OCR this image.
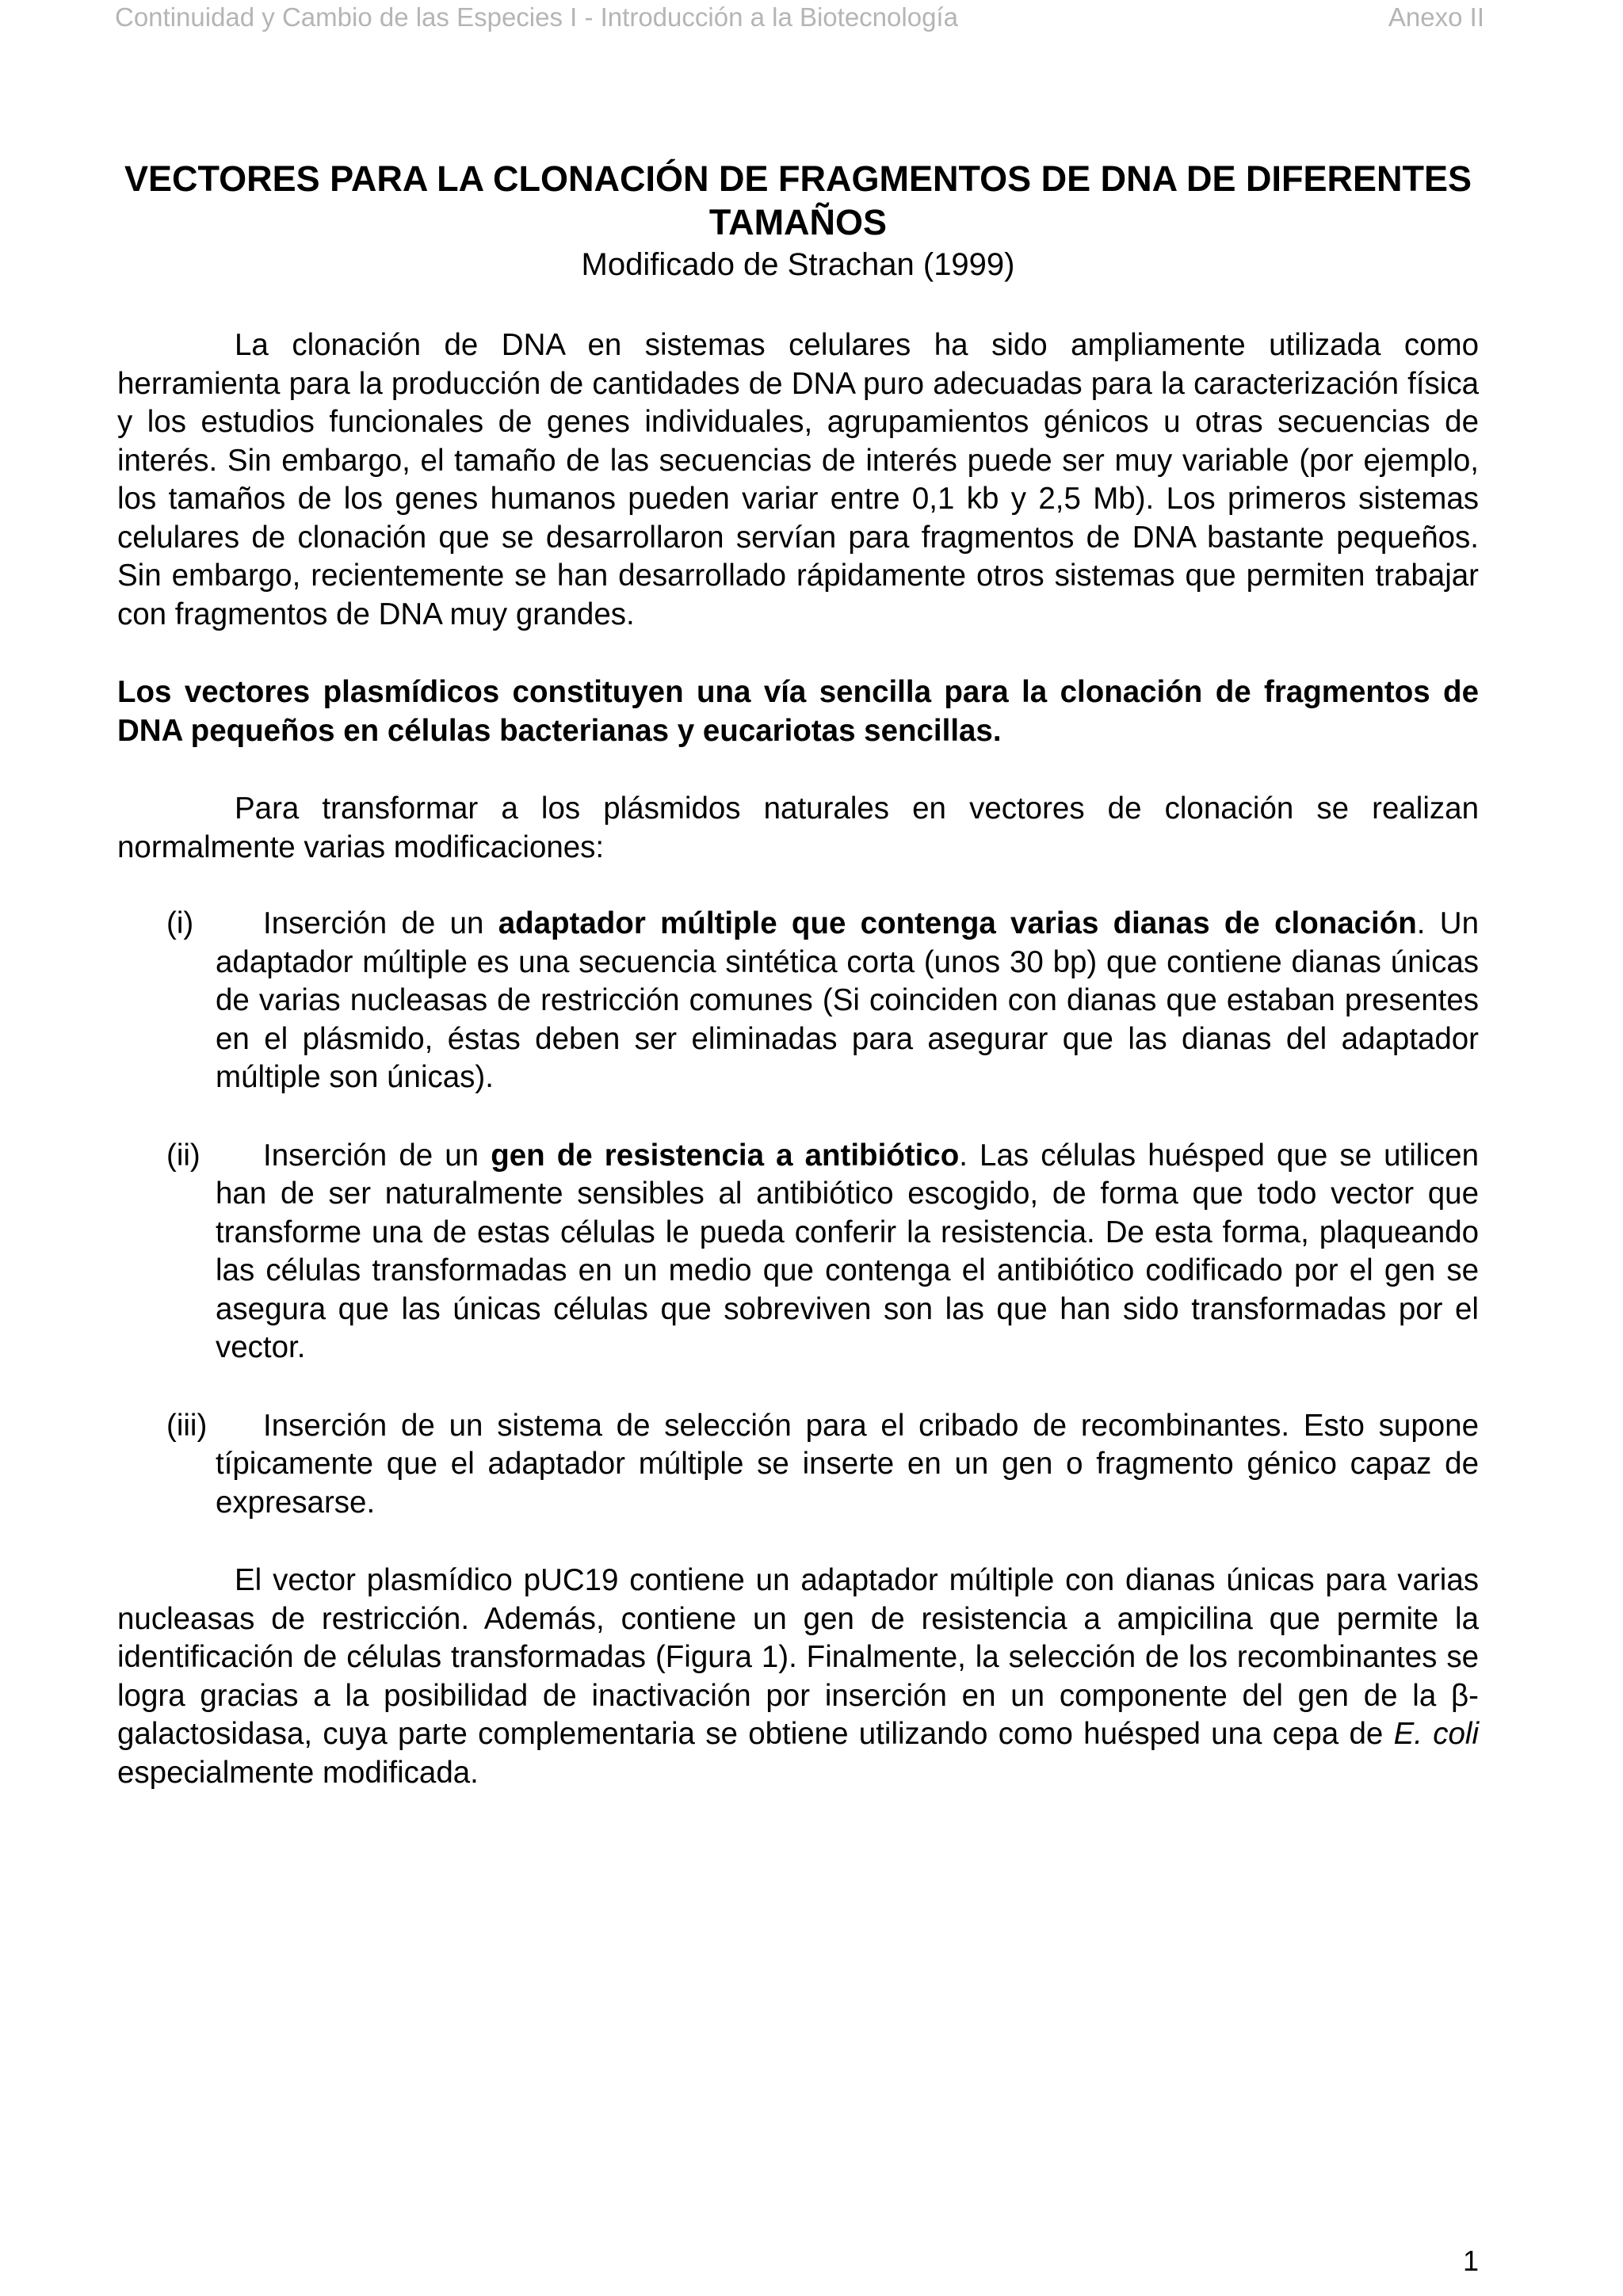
Continuidad y Cambio de las Especies I - Introducción a la Biotecnología	Anexo II
VECTORES PARA LA CLONACIÓN DE FRAGMENTOS DE DNA DE DIFERENTES TAMAÑOS
Modificado de Strachan (1999)

La clonación de DNA en sistemas celulares ha sido ampliamente utilizada como herramienta para la producción de cantidades de DNA puro adecuadas para la caracterización física y los estudios funcionales de genes individuales, agrupamientos génicos u otras secuencias de interés. Sin embargo, el tamaño de las secuencias de interés puede ser muy variable (por ejemplo, los tamaños de los genes humanos pueden variar entre 0,1 kb y 2,5 Mb). Los primeros sistemas celulares de clonación que se desarrollaron servían para fragmentos de DNA bastante pequeños. Sin embargo, recientemente se han desarrollado rápidamente otros sistemas que permiten trabajar con fragmentos de DNA muy grandes.

Los vectores plasmídicos constituyen una vía sencilla para la clonación de fragmentos de DNA pequeños en células bacterianas y eucariotas sencillas.

Para transformar a los plásmidos naturales en vectores de clonación se realizan normalmente varias modificaciones:

(i) Inserción de un adaptador múltiple que contenga varias dianas de clonación. Un adaptador múltiple es una secuencia sintética corta (unos 30 bp) que contiene dianas únicas de varias nucleasas de restricción comunes (Si coinciden con dianas que estaban presentes en el plásmido, éstas deben ser eliminadas para asegurar que las dianas del adaptador múltiple son únicas).
(ii) Inserción de un gen de resistencia a antibiótico. Las células huésped que se utilicen han de ser naturalmente sensibles al antibiótico escogido, de forma que todo vector que transforme una de estas células le pueda conferir la resistencia. De esta forma, plaqueando las células transformadas en un medio que contenga el antibiótico codificado por el gen se asegura que las únicas células que sobreviven son las que han sido transformadas por el vector.
(iii) Inserción de un sistema de selección para el cribado de recombinantes. Esto supone típicamente que el adaptador múltiple se inserte en un gen o fragmento génico capaz de expresarse.

El vector plasmídico pUC19 contiene un adaptador múltiple con dianas únicas para varias nucleasas de restricción. Además, contiene un gen de resistencia a ampicilina que permite la identificación de células transformadas (Figura 1). Finalmente, la selección de los recombinantes se logra gracias a la posibilidad de inactivación por inserción en un componente del gen de la β-galactosidasa, cuya parte complementaria se obtiene utilizando como huésped una cepa de E. coli especialmente modificada.

1
